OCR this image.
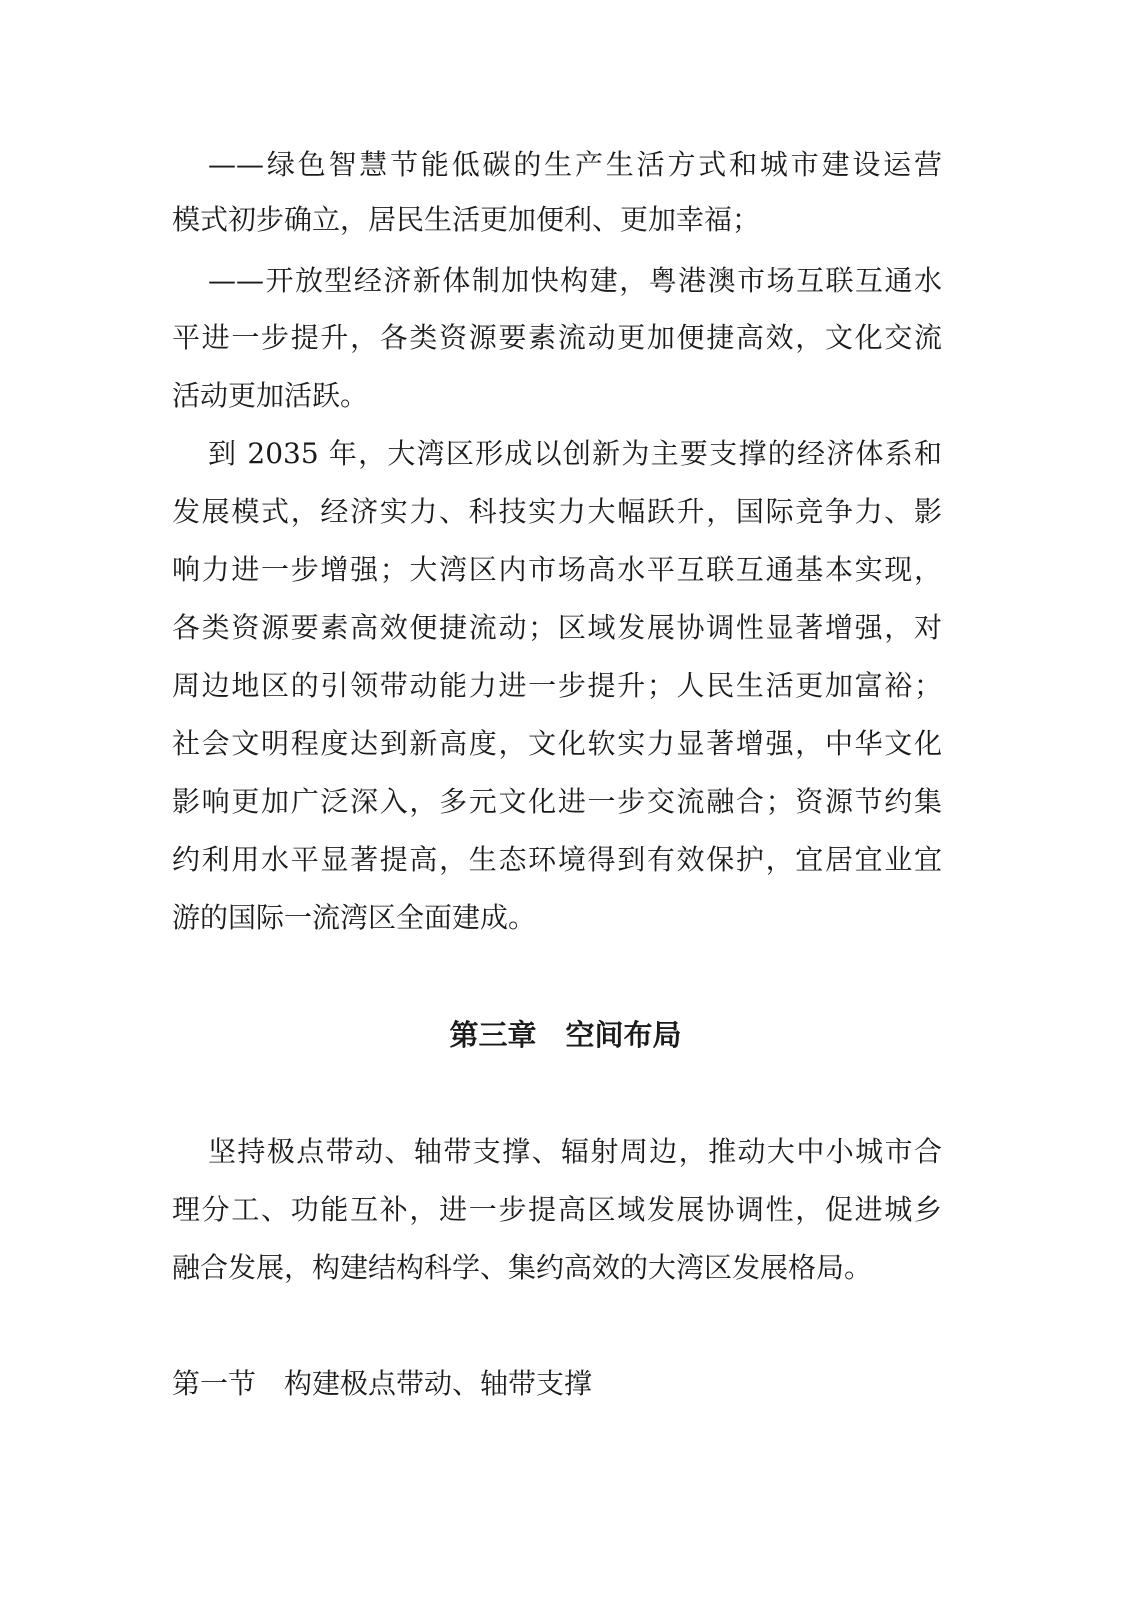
——绿色智慧节能低碳的生产生活方式和城市建设运营

模式初步确立，居民生活更加便利、更加幸福；

——开放型经济新体制加快构建，粤港澳市场互联互通水

平进一步提升，各类资源要素流动更加便捷高效，文化交流

活动更加活跃。

到 2035 年，大湾区形成以创新为主要支撑的经济体系和

发展模式，经济实力、科技实力大幅跃升，国际竞争力、影

响力进一步增强；大湾区内市场高水平互联互通基本实现，

各类资源要素高效便捷流动；区域发展协调性显著增强，对

周边地区的引领带动能力进一步提升；人民生活更加富裕；

社会文明程度达到新高度，文化软实力显著增强，中华文化

影响更加广泛深入，多元文化进一步交流融合；资源节约集

约利用水平显著提高，生态环境得到有效保护，宜居宜业宜

游的国际一流湾区全面建成。

第三章　空间布局

坚持极点带动、轴带支撑、辐射周边，推动大中小城市合

理分工、功能互补，进一步提高区域发展协调性，促进城乡

融合发展，构建结构科学、集约高效的大湾区发展格局。

第一节　构建极点带动、轴带支撑
